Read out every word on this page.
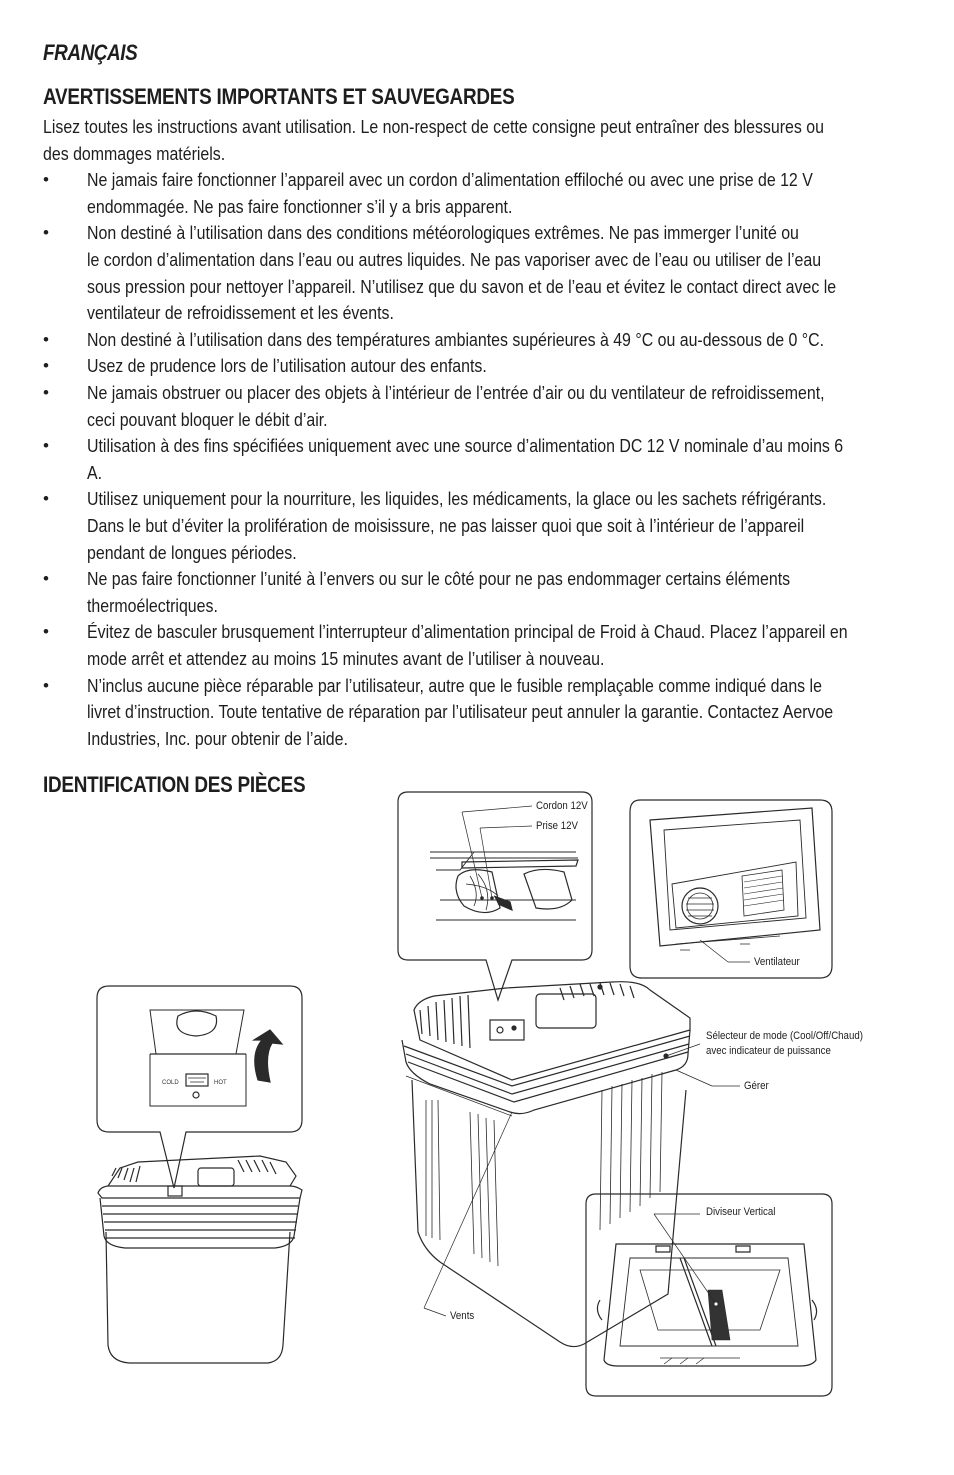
FRANÇAIS
AVERTISSEMENTS IMPORTANTS ET SAUVEGARDES
Lisez toutes les instructions avant utilisation. Le non-respect de cette consigne peut entraîner des blessures ou
des dommages matériels.
• Ne jamais faire fonctionner l’appareil avec un cordon d’alimentation effiloché ou avec une prise de 12 V
endommagée. Ne pas faire fonctionner s’il y a bris apparent.
• Non destiné à l’utilisation dans des conditions météorologiques extrêmes. Ne pas immerger l’unité ou
le cordon d’alimentation dans l’eau ou autres liquides. Ne pas vaporiser avec de l’eau ou utiliser de l’eau
sous pression pour nettoyer l’appareil. N’utilisez que du savon et de l’eau et évitez le contact direct avec le
ventilateur de refroidissement et les évents.
• Non destiné à l’utilisation dans des températures ambiantes supérieures à 49 °C ou au-dessous de 0 °C.
• Usez de prudence lors de l’utilisation autour des enfants.
• Ne jamais obstruer ou placer des objets à l’intérieur de l’entrée d’air ou du ventilateur de refroidissement,
ceci pouvant bloquer le débit d’air.
• Utilisation à des fins spécifiées uniquement avec une source d’alimentation DC 12 V nominale d’au moins 6
A.
• Utilisez uniquement pour la nourriture, les liquides, les médicaments, la glace ou les sachets réfrigérants.
Dans le but d’éviter la prolifération de moisissure, ne pas laisser quoi que soit à l’intérieur de l’appareil
pendant de longues périodes.
• Ne pas faire fonctionner l’unité à l’envers ou sur le côté pour ne pas endommager certains éléments
thermoélectriques.
• Évitez de basculer brusquement l’interrupteur d’alimentation principal de Froid à Chaud. Placez l’appareil en
mode arrêt et attendez au moins 15 minutes avant de l’utiliser à nouveau.
• N’inclus aucune pièce réparable par l’utilisateur, autre que le fusible remplaçable comme indiqué dans le
livret d’instruction. Toute tentative de réparation par l’utilisateur peut annuler la garantie. Contactez Aervoe
Industries, Inc. pour obtenir de l’aide.
IDENTIFICATION DES PIÈCES
COLD	HOT
Cordon 12V
Prise 12V
Ventilateur
Sélecteur de mode (Cool/Off/Chaud)
avec indicateur de puissance
Gérer
Diviseur Vertical
Vents
